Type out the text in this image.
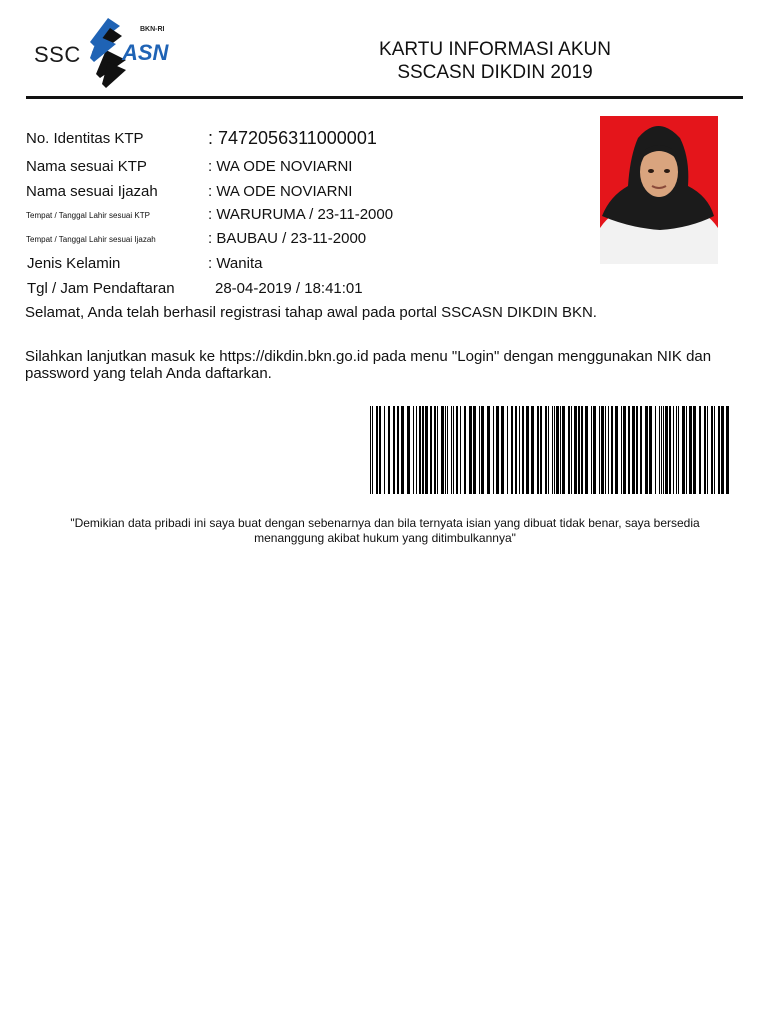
SSC
BKN-RI
ASN	KARTU INFORMASI AKUN
SSCASN DIKDIN 2019
No. Identitas KTP	: 7472056311000001
Nama sesuai KTP	: WA ODE NOVIARNI
Nama sesuai Ijazah	: WA ODE NOVIARNI
Tempat / Tanggal Lahir sesuai KTP	: WARURUMA / 23-11-2000
Tempat / Tanggal Lahir sesuai Ijazah	: BAUBAU / 23-11-2000
Jenis Kelamin	: Wanita
Tgl / Jam Pendaftaran	28-04-2019 / 18:41:01
Selamat, Anda telah berhasil registrasi tahap awal pada portal SSCASN DIKDIN BKN.
Silahkan lanjutkan masuk ke https://dikdin.bkn.go.id pada menu "Login" dengan menggunakan NIK dan
password yang telah Anda daftarkan.
"Demikian data pribadi ini saya buat dengan sebenarnya dan bila ternyata isian yang dibuat tidak benar, saya bersedia
menanggung akibat hukum yang ditimbulkannya"
